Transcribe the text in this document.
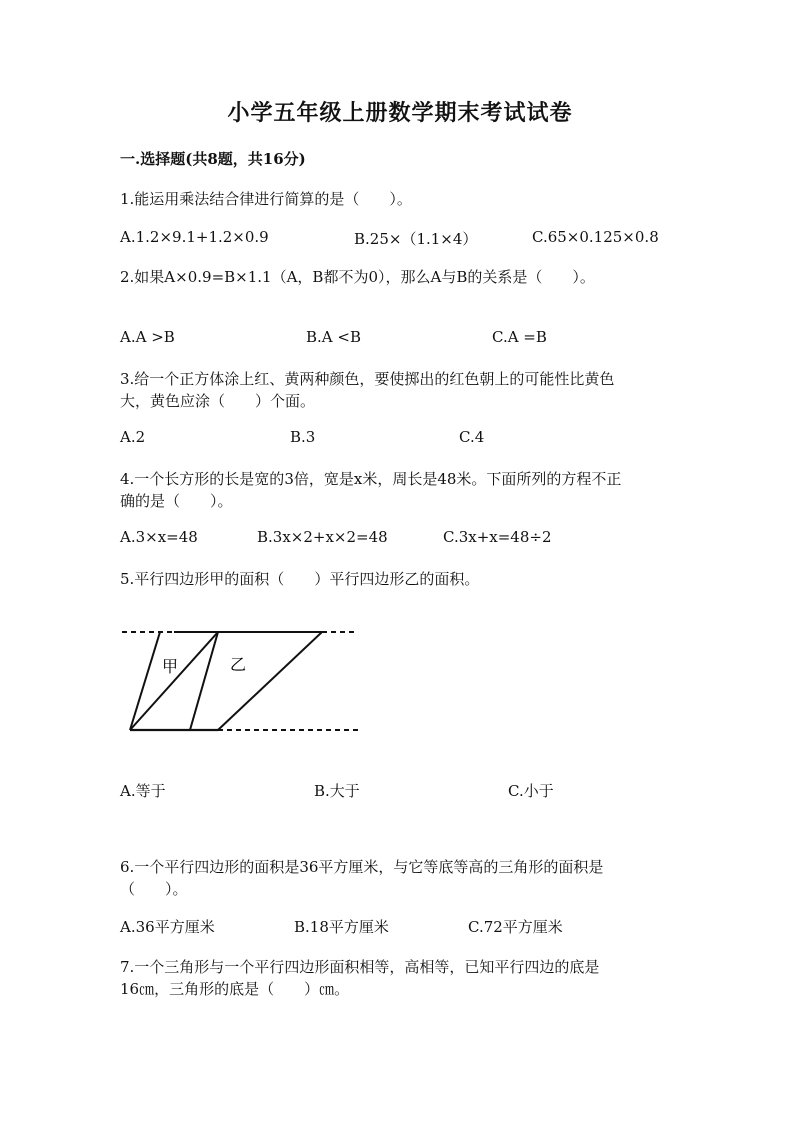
小学五年级上册数学期末考试试卷
一.选择题(共8题，共16分)
1.能运用乘法结合律进行简算的是（　　）。
A.1.2×9.1+1.2×0.9	B.25×（1.1×4）	C.65×0.125×0.8
2.如果A×0.9=B×1.1（A，B都不为0），那么A与B的关系是（　　）。
A.A >B	B.A <B	C.A =B
3.给一个正方体涂上红、黄两种颜色，要使掷出的红色朝上的可能性比黄色
大，黄色应涂（　　）个面。
A.2	B.3	C.4
4.一个长方形的长是宽的3倍，宽是x米，周长是48米。下面所列的方程不正
确的是（　　）。
A.3×x=48	B.3x×2+x×2=48	C.3x+x=48÷2
5.平行四边形甲的面积（　　）平行四边形乙的面积。
甲	乙
A.等于	B.大于	C.小于
6.一个平行四边形的面积是36平方厘米，与它等底等高的三角形的面积是
（　　）。
A.36平方厘米	B.18平方厘米	C.72平方厘米
7.一个三角形与一个平行四边形面积相等，高相等，已知平行四边的底是
16㎝，三角形的底是（　　）㎝。
